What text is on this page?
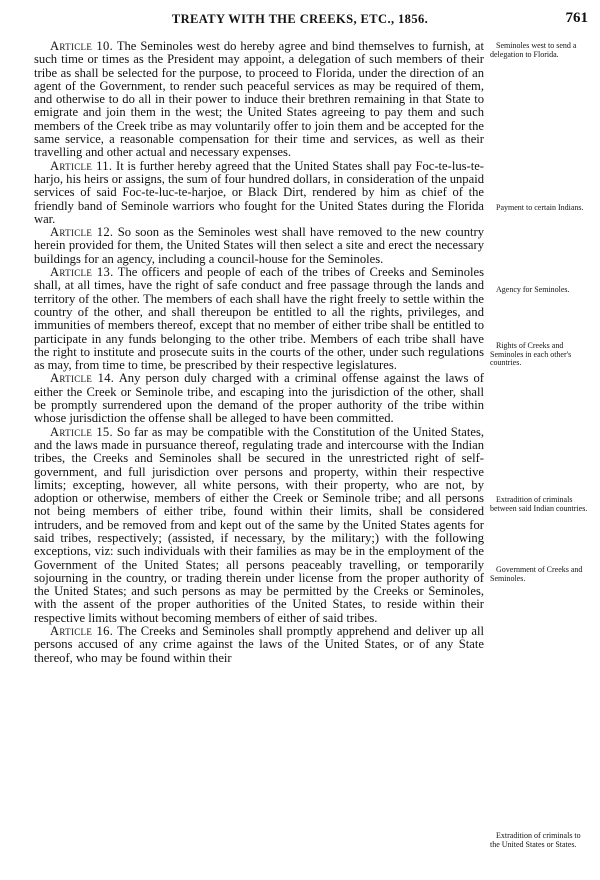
TREATY WITH THE CREEKS, ETC., 1856.	761

Article 10. The Seminoles west do hereby agree and bind themselves to furnish, at such time or times as the President may appoint, a delegation of such members of their tribe as shall be selected for the purpose, to proceed to Florida, under the direction of an agent of the Government, to render such peaceful services as may be required of them, and otherwise to do all in their power to induce their brethren remaining in that State to emigrate and join them in the west; the United States agreeing to pay them and such members of the Creek tribe as may voluntarily offer to join them and be accepted for the same service, a reasonable compensation for their time and services, as well as their travelling and other actual and necessary expenses.

Article 11. It is further hereby agreed that the United States shall pay Foc-te-lus-te-harjo, his heirs or assigns, the sum of four hundred dollars, in consideration of the unpaid services of said Foc-te-luc-te-harjoe, or Black Dirt, rendered by him as chief of the friendly band of Seminole warriors who fought for the United States during the Florida war.

Article 12. So soon as the Seminoles west shall have removed to the new country herein provided for them, the United States will then select a site and erect the necessary buildings for an agency, including a council-house for the Seminoles.

Article 13. The officers and people of each of the tribes of Creeks and Seminoles shall, at all times, have the right of safe conduct and free passage through the lands and territory of the other. The members of each shall have the right freely to settle within the country of the other, and shall thereupon be entitled to all the rights, privileges, and immunities of members thereof, except that no member of either tribe shall be entitled to participate in any funds belonging to the other tribe. Members of each tribe shall have the right to institute and prosecute suits in the courts of the other, under such regulations as may, from time to time, be prescribed by their respective legislatures.

Article 14. Any person duly charged with a criminal offense against the laws of either the Creek or Seminole tribe, and escaping into the jurisdiction of the other, shall be promptly surrendered upon the demand of the proper authority of the tribe within whose jurisdiction the offense shall be alleged to have been committed.

Article 15. So far as may be compatible with the Constitution of the United States, and the laws made in pursuance thereof, regulating trade and intercourse with the Indian tribes, the Creeks and Seminoles shall be secured in the unrestricted right of self-government, and full jurisdiction over persons and property, within their respective limits; excepting, however, all white persons, with their property, who are not, by adoption or otherwise, members of either the Creek or Seminole tribe; and all persons not being members of either tribe, found within their limits, shall be considered intruders, and be removed from and kept out of the same by the United States agents for said tribes, respectively; (assisted, if necessary, by the military;) with the following exceptions, viz: such individuals with their families as may be in the employment of the Government of the United States; all persons peaceably travelling, or temporarily sojourning in the country, or trading therein under license from the proper authority of the United States; and such persons as may be permitted by the Creeks or Seminoles, with the assent of the proper authorities of the United States, to reside within their respective limits without becoming members of either of said tribes.

Article 16. The Creeks and Seminoles shall promptly apprehend and deliver up all persons accused of any crime against the laws of the United States, or of any State thereof, who may be found within their

Seminoles west to send a delegation to Florida.
Payment to certain Indians.
Agency for Seminoles.
Rights of Creeks and Seminoles in each other's countries.
Extradition of criminals between said Indian countries.
Government of Creeks and Seminoles.
Extradition of criminals to the United States or States.
